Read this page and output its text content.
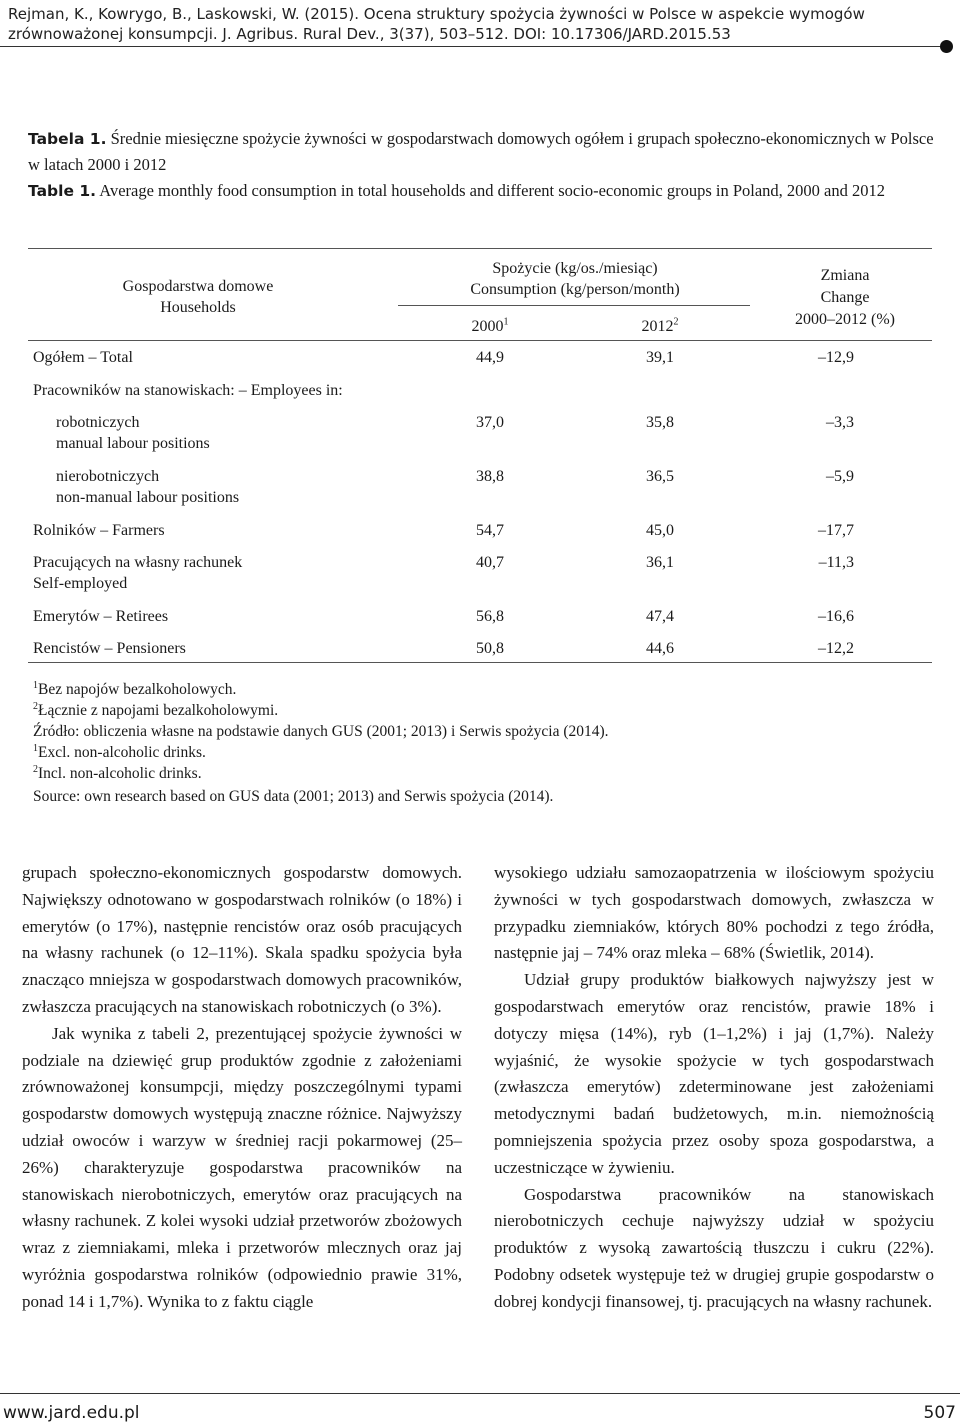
Rejman, K., Kowrygo, B., Laskowski, W. (2015). Ocena struktury spożycia żywności w Polsce w aspekcie wymogów zrównoważonej konsumpcji. J. Agribus. Rural Dev., 3(37), 503–512. DOI: 10.17306/JARD.2015.53
Tabela 1. Średnie miesięczne spożycie żywności w gospodarstwach domowych ogółem i grupach społeczno-ekonomicznych w Polsce w latach 2000 i 2012
Table 1. Average monthly food consumption in total households and different socio-economic groups in Poland, 2000 and 2012
Gospodarstwa domowe
Households
Spożycie (kg/os./miesiąc)
Consumption (kg/person/month)
2000$^1$	2012$^2$
Zmiana
Change
2000–2012 (%)
Ogółem – Total	44,9	39,1	–12,9
Pracowników na stanowiskach: – Employees in:
robotniczych
manual labour positions
37,0	35,8	–3,3
nierobotniczych
non-manual labour positions
38,8	36,5	–5,9
Rolników – Farmers	54,7	45,0	–17,7
Pracujących na własny rachunek
Self-employed
40,7	36,1	–11,3
Emerytów – Retirees	56,8	47,4	–16,6
Rencistów – Pensioners	50,8	44,6	–12,2
$^1$Bez napojów bezalkoholowych.
$^2$Łącznie z napojami bezalkoholowymi.
Źródło: obliczenia własne na podstawie danych GUS (2001; 2013) i Serwis spożycia (2014).
$^1$Excl. non-alcoholic drinks.
$^2$Incl. non-alcoholic drinks.
Source: own research based on GUS data (2001; 2013) and Serwis spożycia (2014).

grupach społeczno-ekonomicznych gospodarstw domowych. Największy odnotowano w gospodarstwach rolników (o 18%) i emerytów (o 17%), następnie rencistów oraz osób pracujących na własny rachunek (o 12–11%). Skala spadku spożycia była znacząco mniejsza w gospodarstwach domowych pracowników, zwłaszcza pracujących na stanowiskach robotniczych (o 3%).

Jak wynika z tabeli 2, prezentującej spożycie żywności w podziale na dziewięć grup produktów zgodnie z założeniami zrównoważonej konsumpcji, między poszczególnymi typami gospodarstw domowych występują znaczne różnice. Najwyższy udział owoców i warzyw w średniej racji pokarmowej (25–26%) charakteryzuje gospodarstwa pracowników na stanowiskach nierobotniczych, emerytów oraz pracujących na własny rachunek. Z kolei wysoki udział przetworów zbożowych wraz z ziemniakami, mleka i przetworów mlecznych oraz jaj wyróżnia gospodarstwa rolników (odpowiednio prawie 31%, ponad 14 i 1,7%). Wynika to z faktu ciągle

wysokiego udziału samozaopatrzenia w ilościowym spożyciu żywności w tych gospodarstwach domowych, zwłaszcza w przypadku ziemniaków, których 80% pochodzi z tego źródła, następnie jaj – 74% oraz mleka – 68% (Świetlik, 2014).

Udział grupy produktów białkowych najwyższy jest w gospodarstwach emerytów oraz rencistów, prawie 18% i dotyczy mięsa (14%), ryb (1–1,2%) i jaj (1,7%). Należy wyjaśnić, że wysokie spożycie w tych gospodarstwach (zwłaszcza emerytów) zdeterminowane jest założeniami metodycznymi badań budżetowych, m.in. niemożnością pomniejszenia spożycia przez osoby spoza gospodarstwa, a uczestniczące w żywieniu.

Gospodarstwa pracowników na stanowiskach nierobotniczych cechuje najwyższy udział w spożyciu produktów z wysoką zawartością tłuszczu i cukru (22%). Podobny odsetek występuje też w drugiej grupie gospodarstw o dobrej kondycji finansowej, tj. pracujących na własny rachunek.

www.jard.edu.pl	507
